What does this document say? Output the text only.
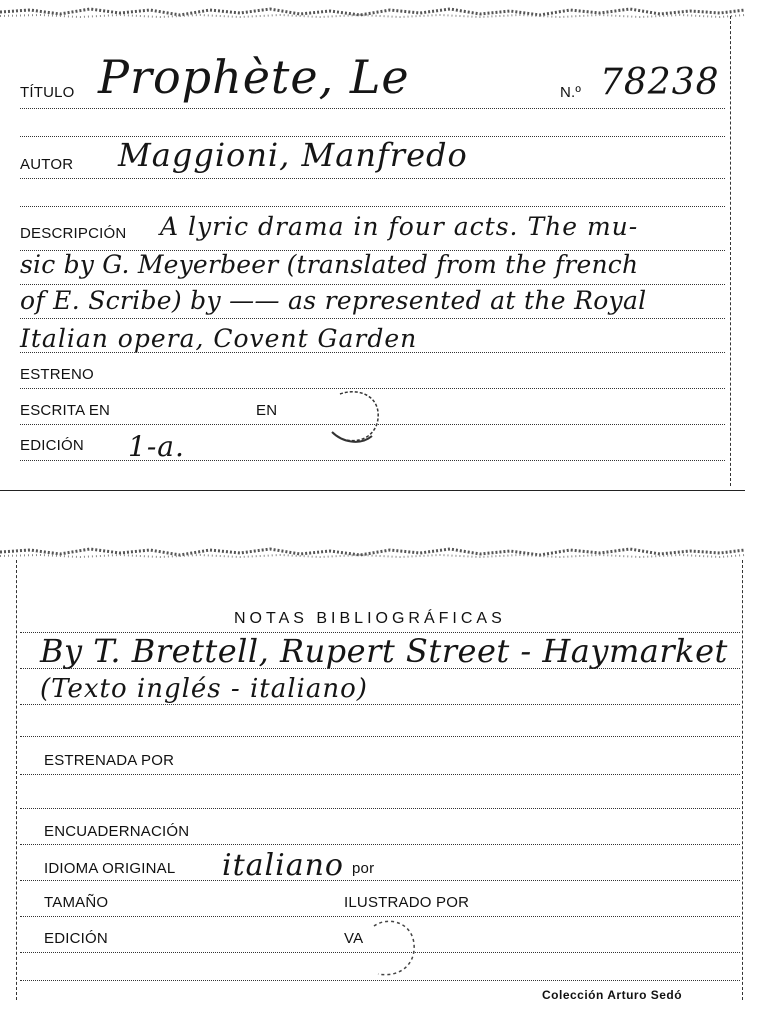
TÍTULO Prophète, Le	N.º 78238
AUTOR Maggioni, Manfredo
DESCRIPCIÓN A lyric drama in four acts. The mu-
sic by G. Meyerbeer (translated from the french
of E. Scribe) by —— as represented at the Royal
Italian opera, Covent Garden
ESTRENO
ESCRITA EN	EN
EDICIÓN 1-a.
NOTAS BIBLIOGRÁFICAS
By T. Brettell, Rupert Street - Haymarket
(Texto inglés - italiano)
ESTRENADA POR
ENCUADERNACIÓN
IDIOMA ORIGINAL italiano por
TAMAÑO	ILUSTRADO POR
EDICIÓN	VA
Colección Arturo Sedó
